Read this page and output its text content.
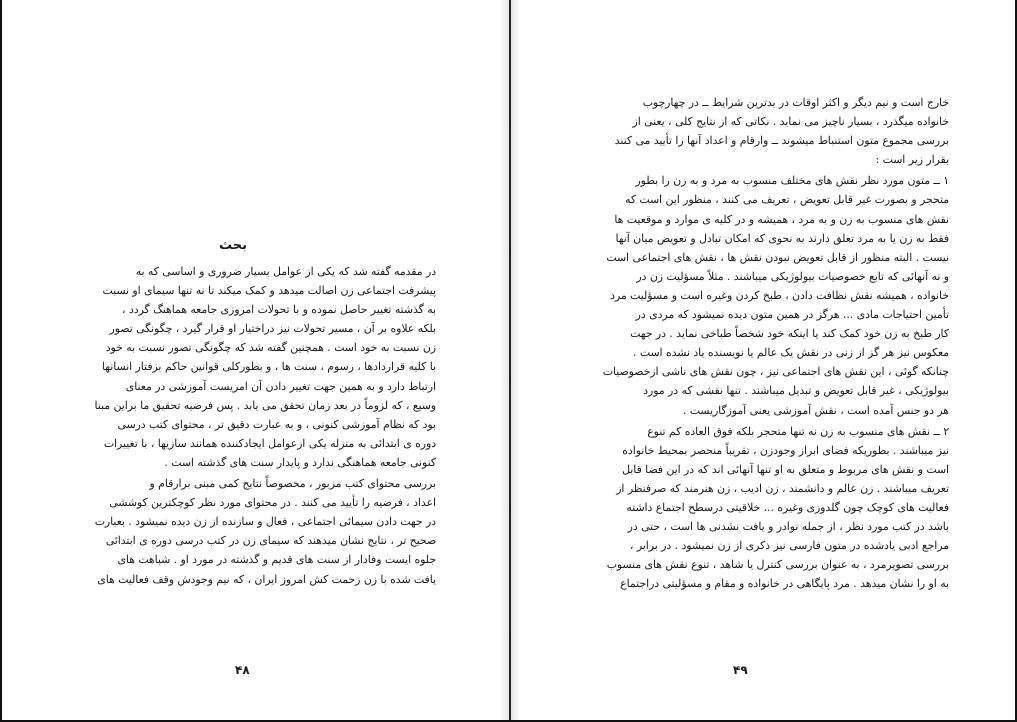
بحث
در مقدمه گفته شد که یکی از عوامل بسیار ضروری و اساسی که به
پیشرفت اجتماعی زن اصالت میدهد و کمک میکند تا نه تنها سیمای او نسبت
به گذشته تغییر حاصل نموده و با تحولات امروزی جامعه هماهنگ گردد ،
بلکه علاوه بر آن ، مسیر تحولات نیز دراختیار او قرار گیرد ، چگونگی تصور
زن نسبت به خود است . همچنین گفته شد که چگونگی تصور نسبت به خود
با کلیه قراردادها ، رسوم ، سنت ها ، و بطورکلی قوانین حاکم برفتار انسانها
ارتباط دارد و به همین جهت تغییر دادن آن امریست آموزشی در معنای
وسیع ، که لزوماً در بعد زمان تحقق می یابد . پس فرضیه تحقیق ما براین مبنا
بود که نظام آموزشی کنونی ، و به عبارت دقیق تر ، محتوای کتب درسی
دوره ی ابتدائی به منزله یکی ازعوامل ایجادکننده همانند سازیها ، با تغییرات
کنونی جامعه هماهنگی ندارد و پایدار سنت های گذشته است .
بررسی محتوای کتب مزبور ، مخصوصاً نتایج کمی مبنی برارقام و
اعداد ، فرضیه را تأیید می کنند . در محتوای مورد نظر کوچکترین کوششی
در جهت دادن سیمائی اجتماعی ، فعال و سازنده از زن دیده نمیشود . بعبارت
صحیح تر ، نتایج نشان میدهند که سیمای زن در کتب درسی دوره ی ابتدائی
جلوه ایست وفادار از سنت های قدیم و گذشته در مورد او . شباهت های
یافت شده با زن زحمت کش امروز ایران ، که نیم وجودش وقف فعالیت های
۴۸
خارج است و نیم دیگر و اکثر اوقات در بدترین شرایط ــ در چهارچوب
خانواده میگذرد ، بسیار ناچیز می نماید . نکاتی که از نتایج کلی ، یعنی از
بررسی مجموع متون استنباط میشوند ــ وارقام و اعداد آنها را تأیید می کنند
بقرار زیر است :
۱ ــ متون مورد نظر نقش های مختلف منسوب به مرد و به زن را بطور
متحجر و بصورت غیر قابل تعویض ، تعریف می کنند ، منظور این است که
نقش های منسوب به زن و به مرد ، همیشه و در کلیه ی موارد و موقعیت ها
فقط به زن یا به مرد تعلق دارند به نحوی که امکان تبادل و تعویض میان آنها
نیست . البته منظور از قابل تعویض نبودن نقش ها ، نقش های اجتماعی است
و نه آنهائی که تابع خصوصیات بیولوژیکی میباشند . مثلاً مسؤلیت زن در
خانواده ، همیشه نقش نظافت دادن ، طبخ کردن وغیره است و مسؤلیت مرد
تأمین احتیاجات مادی ... هرگز در همین متون دیده نمیشود که مردی در
کار طبخ به زن خود کمک کند یا اینکه خود شخصاً طباخی نماید . در جهت
معکوس نیز هر گز از زنی در نقش یک عالم یا نویسنده یاد نشده است .
چنانکه گوئی ، این نقش های اجتماعی نیز ، چون نقش های ناشی ازخصوصیات
بیولوژیکی ، غیر قابل تعویض و تبدیل میباشند . تنها نقشی که در مورد
هر دو جنس آمده است ، نقش آموزشی یعنی آموزگاریست .
۲ ــ نقش های منسوب به زن نه تنها متحجر بلکه فوق العاده کم تنوع
نیز میباشند . بطوریکه فضای ابراز وجودزن ، تقریباً منحصر بمحیط خانواده
است و نقش های مربوط و متعلق به او تنها آنهائی اند که در این فضا قابل
تعریف میباشند . زن عالم و دانشمند ، زن ادیب ، زن هنرمند که صرفنظر از
فعالیت های کوچک چون گلدوزی وغیره ... خلاقیتی درسطح اجتماع داشته
باشد در کتب مورد نظر ، از جمله نوادر و یافت نشدنی ها است ، حتی در
مراجع ادبی یادشده در متون فارسی نیز ذکری از زن نمیشود . در برابر ،
بررسی تصویرمرد ، به عنوان بررسی کنترل یا شاهد ، تنوع نقش های منسوب
به او را نشان میدهد . مرد پایگاهی در خانواده و مقام و مسؤلیتی دراجتماع
۴۹
